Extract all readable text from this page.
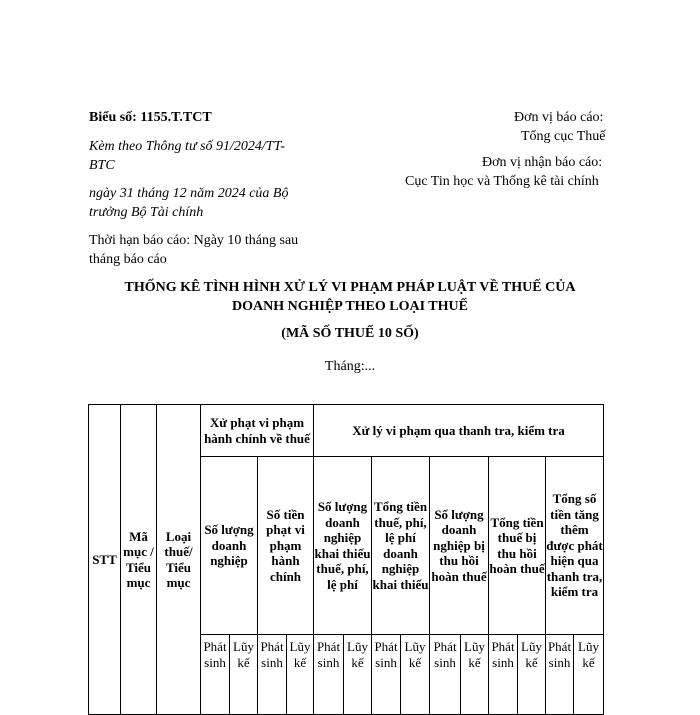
Biểu số: 1155.T.TCT

Kèm theo Thông tư số 91/2024/TT-BTC

ngày 31 tháng 12 năm 2024 của Bộ trưởng Bộ Tài chính

Thời hạn báo cáo: Ngày 10 tháng sau tháng báo cáo

Đơn vị báo cáo:

Tổng cục Thuế

Đơn vị nhận báo cáo:

Cục Tin học và Thống kê tài chính

THỐNG KÊ TÌNH HÌNH XỬ LÝ VI PHẠM PHÁP LUẬT VỀ THUẾ CỦA
DOANH NGHIỆP THEO LOẠI THUẾ
(MÃ SỐ THUẾ 10 SỐ)
Tháng:...
STT	Mã mục / Tiểu mục	Loại thuế/ Tiểu mục	Xử phạt vi phạm hành chính về thuế				Xử lý vi phạm qua thanh tra, kiểm tra									
			Số lượng doanh nghiệp		Số tiền phạt vi phạm hành chính		Số lượng doanh nghiệp khai thiếu thuế, phí, lệ phí		Tổng tiền thuế, phí, lệ phí doanh nghiệp khai thiếu		Số lượng doanh nghiệp bị thu hồi hoàn thuế		Tổng tiền thuế bị thu hồi hoàn thuế		Tổng số tiền tăng thêm được phát hiện qua thanh tra, kiểm tra	
			Phát sinh	Lũy kế	Phát sinh	Lũy kế	Phát sinh	Lũy kế	Phát sinh	Lũy kế	Phát sinh	Lũy kế	Phát sinh	Lũy kế	Phát sinh	Lũy kế
